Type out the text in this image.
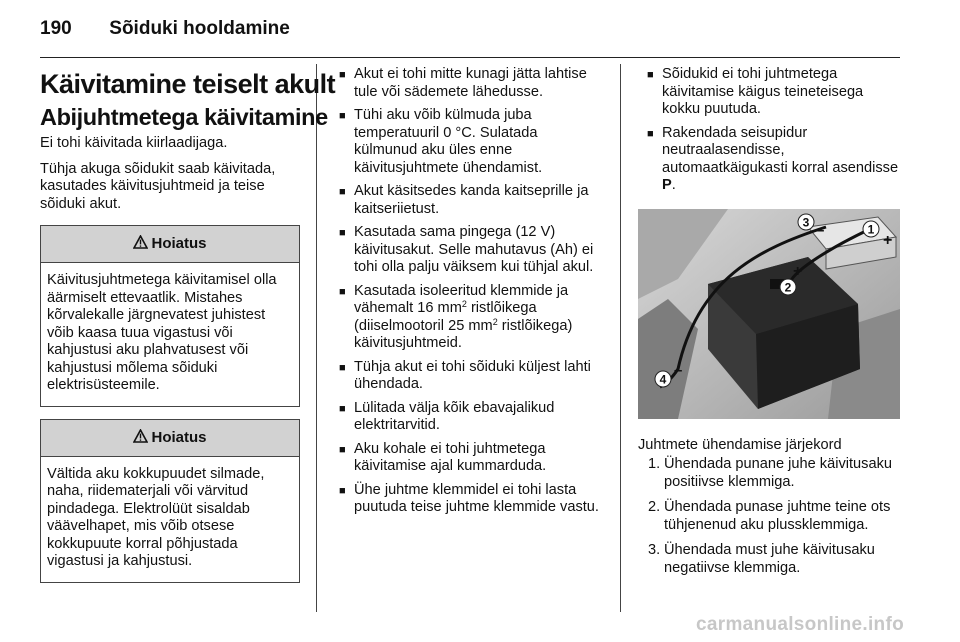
190 Sõiduki hooldamine
Käivitamine teiselt akult
Abijuhtmetega käivitamine

Ei tohi käivitada kiirlaadijaga.

Tühja akuga sõidukit saab käivitada, kasutades käivitusjuhtmeid ja teise sõiduki akut.

Hoiatus
Käivitusjuhtmetega käivitamisel olla äärmiselt ettevaatlik. Mistahes kõrvalekalle järgnevatest juhistest võib kaasa tuua vigastusi või kahjustusi aku plahvatusest või kahjustusi mõlema sõiduki elektrisüsteemile.
Hoiatus
Vältida aku kokkupuudet silmade, naha, riidematerjali või värvitud pindadega. Elektrolüüt sisaldab väävelhapet, mis võib otsese kokkupuute korral põhjustada vigastusi ja kahjustusi.
■ Akut ei tohi mitte kunagi jätta lahtise tule või sädemete lähedusse.
■ Tühi aku võib külmuda juba temperatuuril 0 °C. Sulatada külmunud aku üles enne käivitusjuhtmete ühendamist.
■ Akut käsitsedes kanda kaitseprille ja kaitseriietust.
■ Kasutada sama pingega (12 V) käivitusakut. Selle mahutavus (Ah) ei tohi olla palju väiksem kui tühjal akul.
■ Kasutada isoleeritud klemmide ja vähemalt 16 $mm^2$ ristlõikega (diiselmootoril 25 $mm^2$ ristlõikega) käivitusjuhtmeid.
■ Tühja akut ei tohi sõiduki küljest lahti ühendada.
■ Lülitada välja kõik ebavajalikud elektritarvitid.
■ Aku kohale ei tohi juhtmetega käivitamise ajal kummarduda.
■ Ühe juhtme klemmidel ei tohi lasta puutuda teise juhtme klemmide vastu.
■ Sõidukid ei tohi juhtmetega käivitamise käigus teineteisega kokku puutuda.
■ Rakendada seisupidur neutraalasendisse, automaatkäigukasti korral asendisse P.
1
2
3
4
+
+
–
–
Juhtmete ühendamise järjekord
1. Ühendada punane juhe käivitusaku positiivse klemmiga.
2. Ühendada punase juhtme teine ots tühjenenud aku plussklemmiga.
3. Ühendada must juhe käivitusaku negatiivse klemmiga.
carmanualsonline.info
